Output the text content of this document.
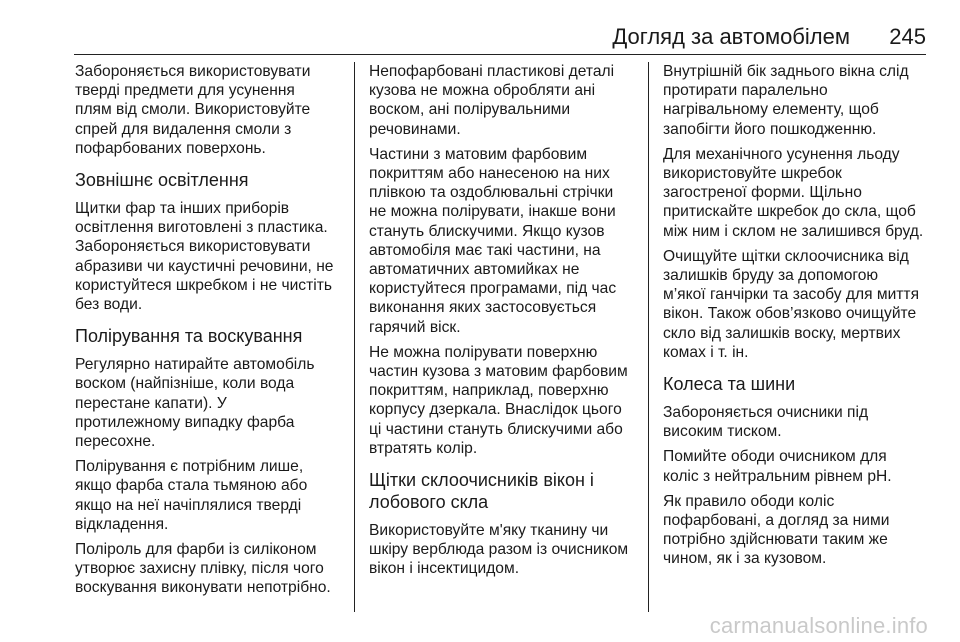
Догляд за автомобілем 245
Забороняється використовувати
тверді предмети для усунення
плям від смоли. Використовуйте
спрей для видалення смоли з
пофарбованих поверхонь.
Зовнішнє освітлення
Щитки фар та інших приборів
освітлення виготовлені з пластика.
Забороняється використовувати
абразиви чи каустичні речовини, не
користуйтеся шкребком і не чистіть
без води.
Полірування та воскування
Регулярно натирайте автомобіль
воском (найпізніше, коли вода
перестане капати). У
протилежному випадку фарба
пересохне.
Полірування є потрібним лише,
якщо фарба стала тьмяною або
якщо на неї начіплялися тверді
відкладення.
Поліроль для фарби із силіконом
утворює захисну плівку, після чого
воскування виконувати непотрібно.
Непофарбовані пластикові деталі
кузова не можна обробляти ані
воском, ані полірувальними
речовинами.
Частини з матовим фарбовим
покриттям або нанесеною на них
плівкою та оздоблювальні стрічки
не можна полірувати, інакше вони
стануть блискучими. Якщо кузов
автомобіля має такі частини, на
автоматичних автомийках не
користуйтеся програмами, під час
виконання яких застосовується
гарячий віск.
Не можна полірувати поверхню
частин кузова з матовим фарбовим
покриттям, наприклад, поверхню
корпусу дзеркала. Внаслідок цього
ці частини стануть блискучими або
втратять колір.
Щітки склоочисників вікон і
лобового скла
Використовуйте м'яку тканину чи
шкіру верблюда разом із очисником
вікон і інсектицидом.
Внутрішній бік заднього вікна слід
протирати паралельно
нагрівальному елементу, щоб
запобігти його пошкодженню.
Для механічного усунення льоду
використовуйте шкребок
загостреної форми. Щільно
притискайте шкребок до скла, щоб
між ним і склом не залишився бруд.
Очищуйте щітки склоочисника від
залишків бруду за допомогою
м’якої ганчірки та засобу для миття
вікон. Також обов’язково очищуйте
скло від залишків воску, мертвих
комах і т. ін.
Колеса та шини
Забороняється очисники під
високим тиском.
Помийте ободи очисником для
коліс з нейтральним рівнем pH.
Як правило ободи коліс
пофарбовані, а догляд за ними
потрібно здійснювати таким же
чином, як і за кузовом.
carmanualsonline.info
